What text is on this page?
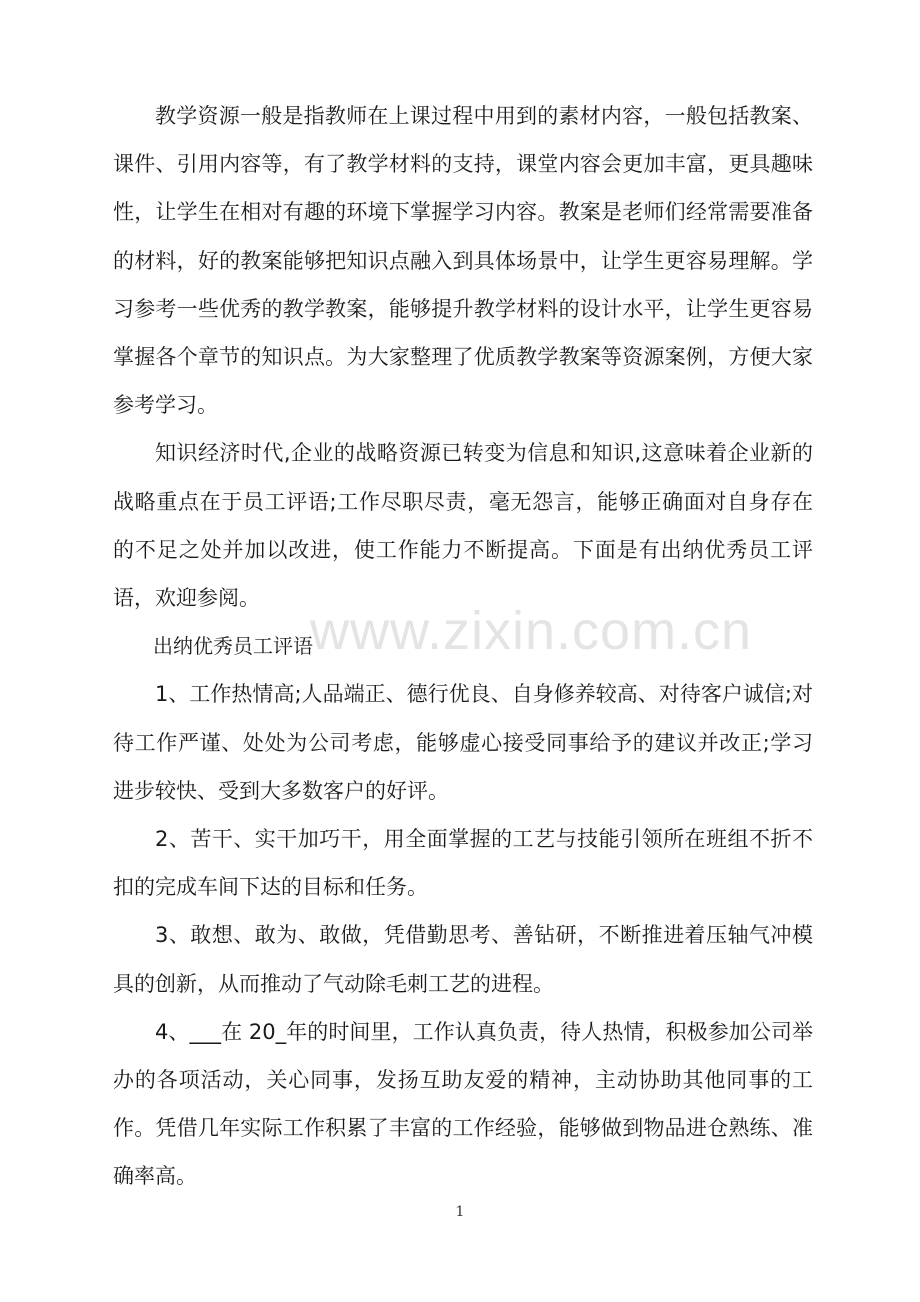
www.zixin.com.cn

教学资源一般是指教师在上课过程中用到的素材内容，一般包括教案、课件、引用内容等，有了教学材料的支持，课堂内容会更加丰富，更具趣味性，让学生在相对有趣的环境下掌握学习内容。教案是老师们经常需要准备的材料，好的教案能够把知识点融入到具体场景中，让学生更容易理解。学习参考一些优秀的教学教案，能够提升教学材料的设计水平，让学生更容易掌握各个章节的知识点。为大家整理了优质教学教案等资源案例，方便大家参考学习。

知识经济时代,企业的战略资源已转变为信息和知识,这意味着企业新的战略重点在于员工评语;工作尽职尽责，毫无怨言，能够正确面对自身存在的不足之处并加以改进，使工作能力不断提高。下面是有出纳优秀员工评语，欢迎参阅。

出纳优秀员工评语

1、工作热情高;人品端正、德行优良、自身修养较高、对待客户诚信;对待工作严谨、处处为公司考虑，能够虚心接受同事给予的建议并改正;学习进步较快、受到大多数客户的好评。

2、苦干、实干加巧干，用全面掌握的工艺与技能引领所在班组不折不扣的完成车间下达的目标和任务。

3、敢想、敢为、敢做，凭借勤思考、善钻研，不断推进着压轴气冲模具的创新，从而推动了气动除毛刺工艺的进程。

4、___在 20_年的时间里，工作认真负责，待人热情，积极参加公司举办的各项活动，关心同事，发扬互助友爱的精神，主动协助其他同事的工作。凭借几年实际工作积累了丰富的工作经验，能够做到物品进仓熟练、准确率高。

1
